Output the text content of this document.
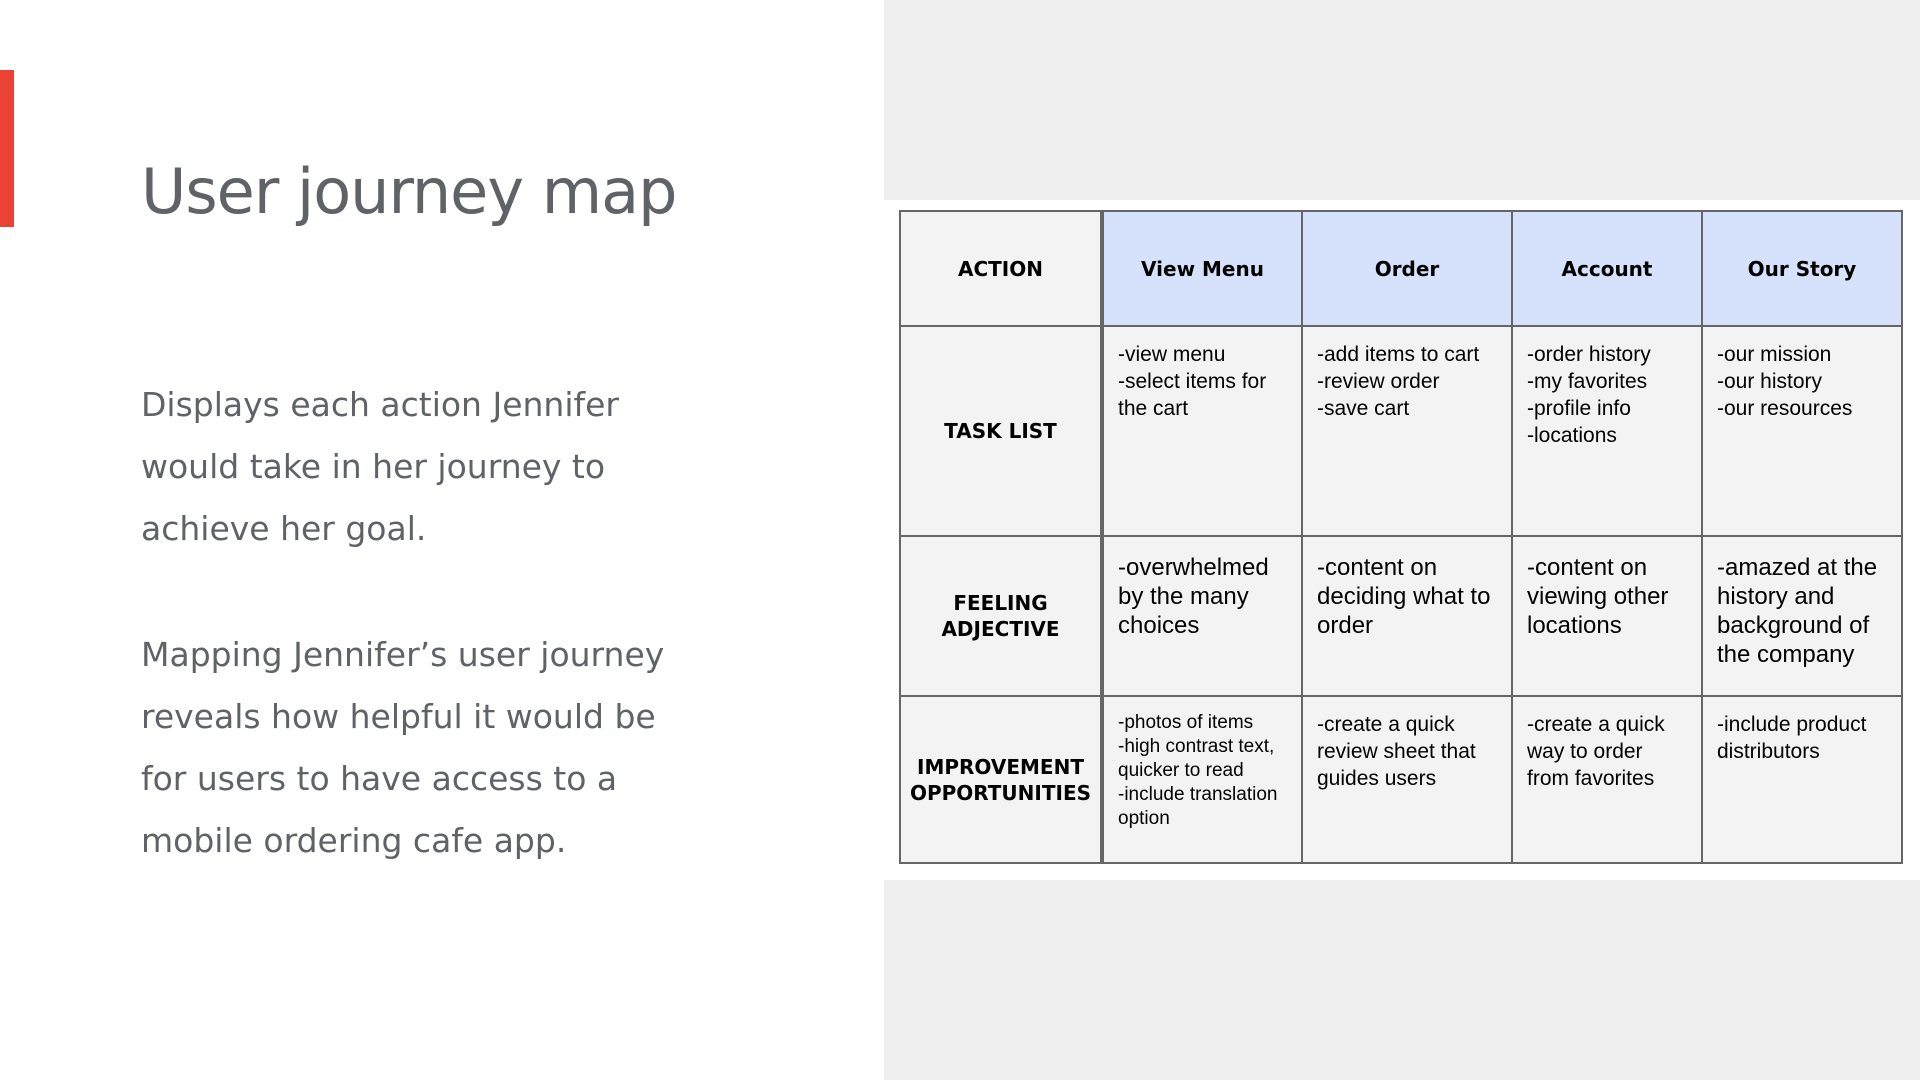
User journey map

Displays each action Jennifer would take in her journey to achieve her goal.

Mapping Jennifer’s user journey reveals how helpful it would be for users to have access to a mobile ordering cafe app.

ACTION	View Menu	Order	Account	Our Story
TASK LIST	-view menu
-select items for
the cart	-add items to cart
-review order
-save cart	-order history
-my favorites
-profile info
-locations	-our mission
-our history
-our resources

FEELING
ADJECTIVE	-overwhelmed
by the many
choices	-content on
deciding what to
order	-content on
viewing other
locations	-amazed at the
history and
background of
the company

IMPROVEMENT
OPPORTUNITIES	-photos of items
-high contrast text,
quicker to read
-include translation
option	-create a quick
review sheet that
guides users	-create a quick
way to order
from favorites	-include product
distributors
